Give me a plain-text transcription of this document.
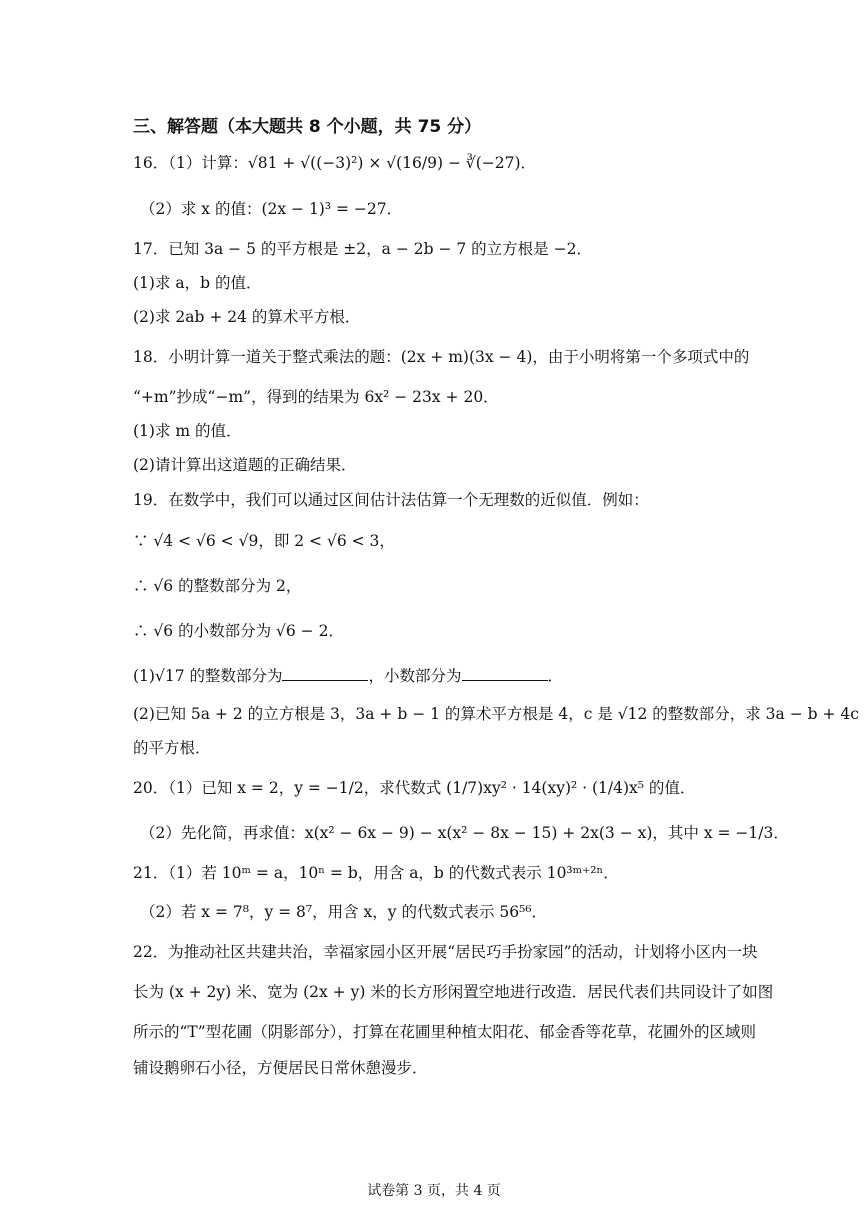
三、解答题（本大题共 8 个小题，共 75 分）
16．（1）计算：√81 + √((−3)²) × √(16/9) − ∛(−27)．
（2）求 x 的值：(2x − 1)³ = −27．
17．已知 3a − 5 的平方根是 ±2，a − 2b − 7 的立方根是 −2．
(1)求 a，b 的值．
(2)求 2ab + 24 的算术平方根．
18．小明计算一道关于整式乘法的题：(2x + m)(3x − 4)，由于小明将第一个多项式中的
“+m”抄成“−m”，得到的结果为 6x² − 23x + 20．
(1)求 m 的值．
(2)请计算出这道题的正确结果．
19．在数学中，我们可以通过区间估计法估算一个无理数的近似值．例如：
∵ √4 < √6 < √9，即 2 < √6 < 3，
∴ √6 的整数部分为 2，
∴ √6 的小数部分为 √6 − 2．
(1)√17 的整数部分为	，小数部分为	．
(2)已知 5a + 2 的立方根是 3，3a + b − 1 的算术平方根是 4，c 是 √12 的整数部分，求 3a − b + 4c
的平方根．
20．（1）已知 x = 2，y = −1/2，求代数式 (1/7)xy² · 14(xy)² · (1/4)x⁵ 的值．
（2）先化简，再求值：x(x² − 6x − 9) − x(x² − 8x − 15) + 2x(3 − x)，其中 x = −1/3．
21．（1）若 10ᵐ = a，10ⁿ = b，用含 a，b 的代数式表示 10³ᵐ⁺²ⁿ．
（2）若 x = 7⁸，y = 8⁷，用含 x，y 的代数式表示 56⁵⁶．
22．为推动社区共建共治，幸福家园小区开展“居民巧手扮家园”的活动，计划将小区内一块
长为 (x + 2y) 米、宽为 (2x + y) 米的长方形闲置空地进行改造．居民代表们共同设计了如图
所示的“T”型花圃（阴影部分），打算在花圃里种植太阳花、郁金香等花草，花圃外的区域则
铺设鹅卵石小径，方便居民日常休憩漫步．
试卷第 3 页，共 4 页
